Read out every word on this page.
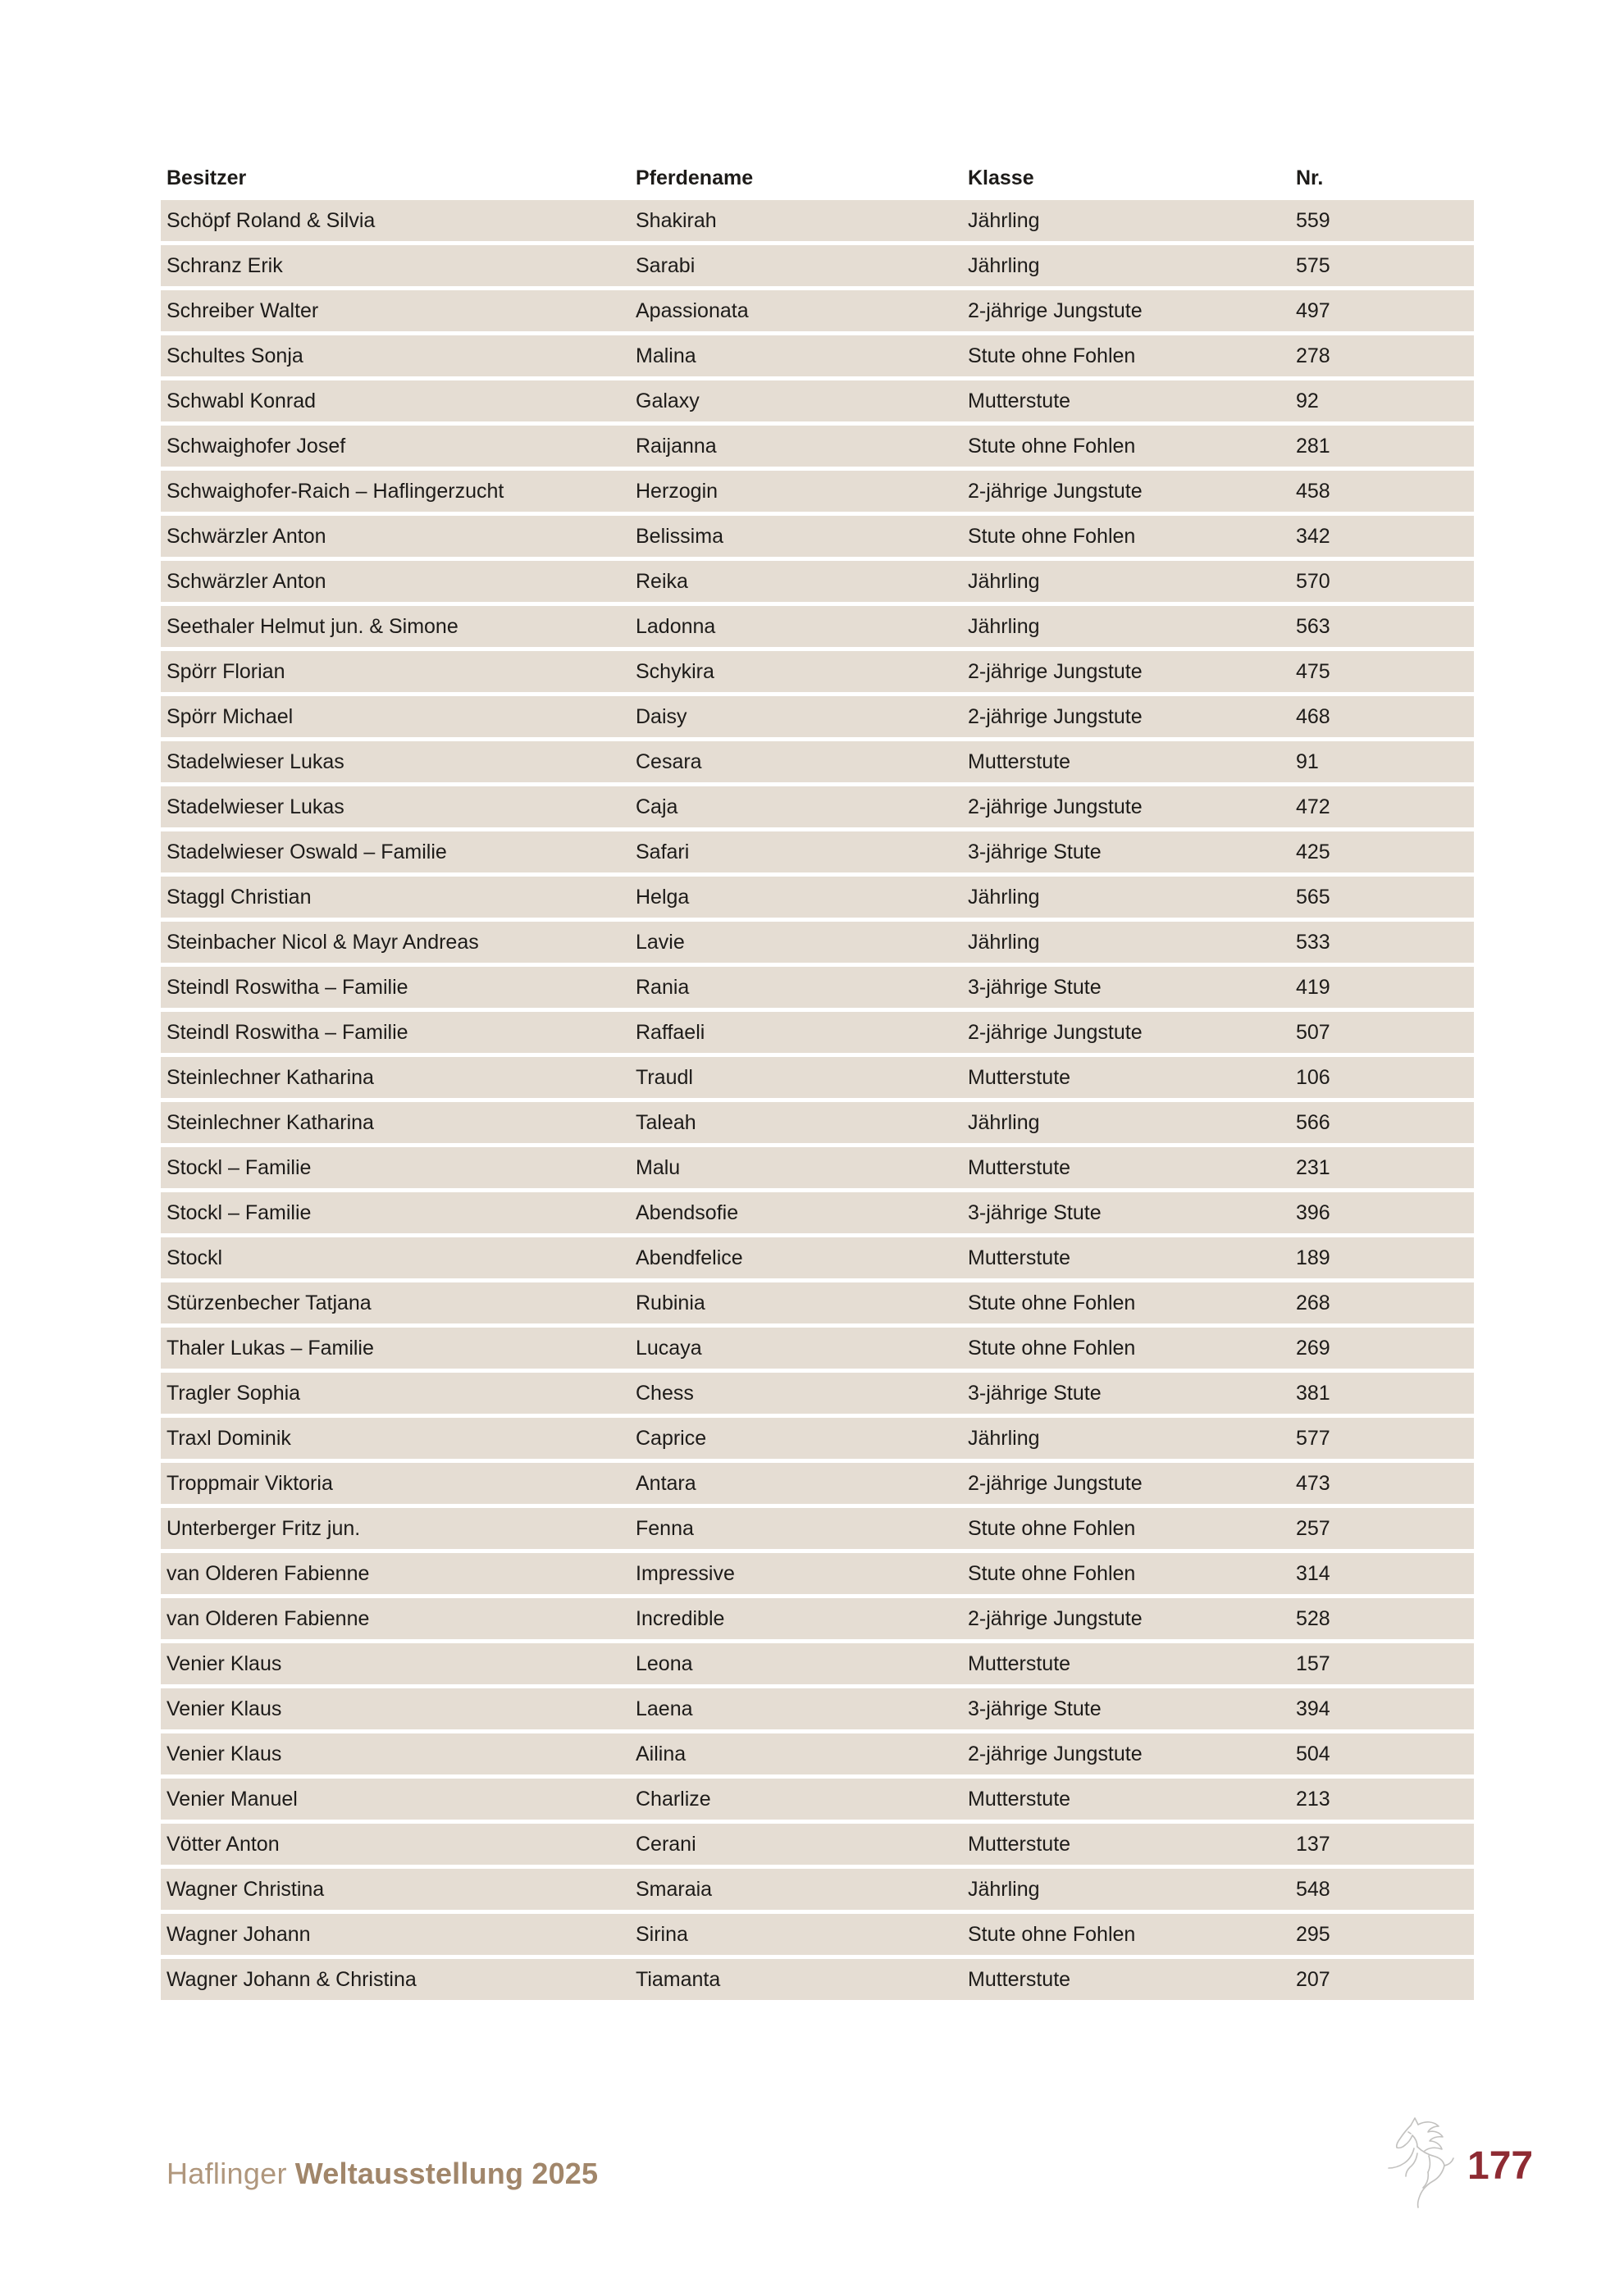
Besitzer	Pferdename	Klasse	Nr.
Schöpf Roland & Silvia	Shakirah	Jährling	559
Schranz Erik	Sarabi	Jährling	575
Schreiber Walter	Apassionata	2-jährige Jungstute	497
Schultes Sonja	Malina	Stute ohne Fohlen	278
Schwabl Konrad	Galaxy	Mutterstute	92
Schwaighofer Josef	Raijanna	Stute ohne Fohlen	281
Schwaighofer-Raich – Haflingerzucht	Herzogin	2-jährige Jungstute	458
Schwärzler Anton	Belissima	Stute ohne Fohlen	342
Schwärzler Anton	Reika	Jährling	570
Seethaler Helmut jun. & Simone	Ladonna	Jährling	563
Spörr Florian	Schykira	2-jährige Jungstute	475
Spörr Michael	Daisy	2-jährige Jungstute	468
Stadelwieser Lukas	Cesara	Mutterstute	91
Stadelwieser Lukas	Caja	2-jährige Jungstute	472
Stadelwieser Oswald – Familie	Safari	3-jährige Stute	425
Staggl Christian	Helga	Jährling	565
Steinbacher Nicol & Mayr Andreas	Lavie	Jährling	533
Steindl Roswitha – Familie	Rania	3-jährige Stute	419
Steindl Roswitha – Familie	Raffaeli	2-jährige Jungstute	507
Steinlechner Katharina	Traudl	Mutterstute	106
Steinlechner Katharina	Taleah	Jährling	566
Stockl – Familie	Malu	Mutterstute	231
Stockl – Familie	Abendsofie	3-jährige Stute	396
Stockl	Abendfelice	Mutterstute	189
Stürzenbecher Tatjana	Rubinia	Stute ohne Fohlen	268
Thaler Lukas – Familie	Lucaya	Stute ohne Fohlen	269
Tragler Sophia	Chess	3-jährige Stute	381
Traxl Dominik	Caprice	Jährling	577
Troppmair Viktoria	Antara	2-jährige Jungstute	473
Unterberger Fritz jun.	Fenna	Stute ohne Fohlen	257
van Olderen Fabienne	Impressive	Stute ohne Fohlen	314
van Olderen Fabienne	Incredible	2-jährige Jungstute	528
Venier Klaus	Leona	Mutterstute	157
Venier Klaus	Laena	3-jährige Stute	394
Venier Klaus	Ailina	2-jährige Jungstute	504
Venier Manuel	Charlize	Mutterstute	213
Vötter Anton	Cerani	Mutterstute	137
Wagner Christina	Smaraia	Jährling	548
Wagner Johann	Sirina	Stute ohne Fohlen	295
Wagner Johann & Christina	Tiamanta	Mutterstute	207
Haflinger Weltausstellung 2025	177
